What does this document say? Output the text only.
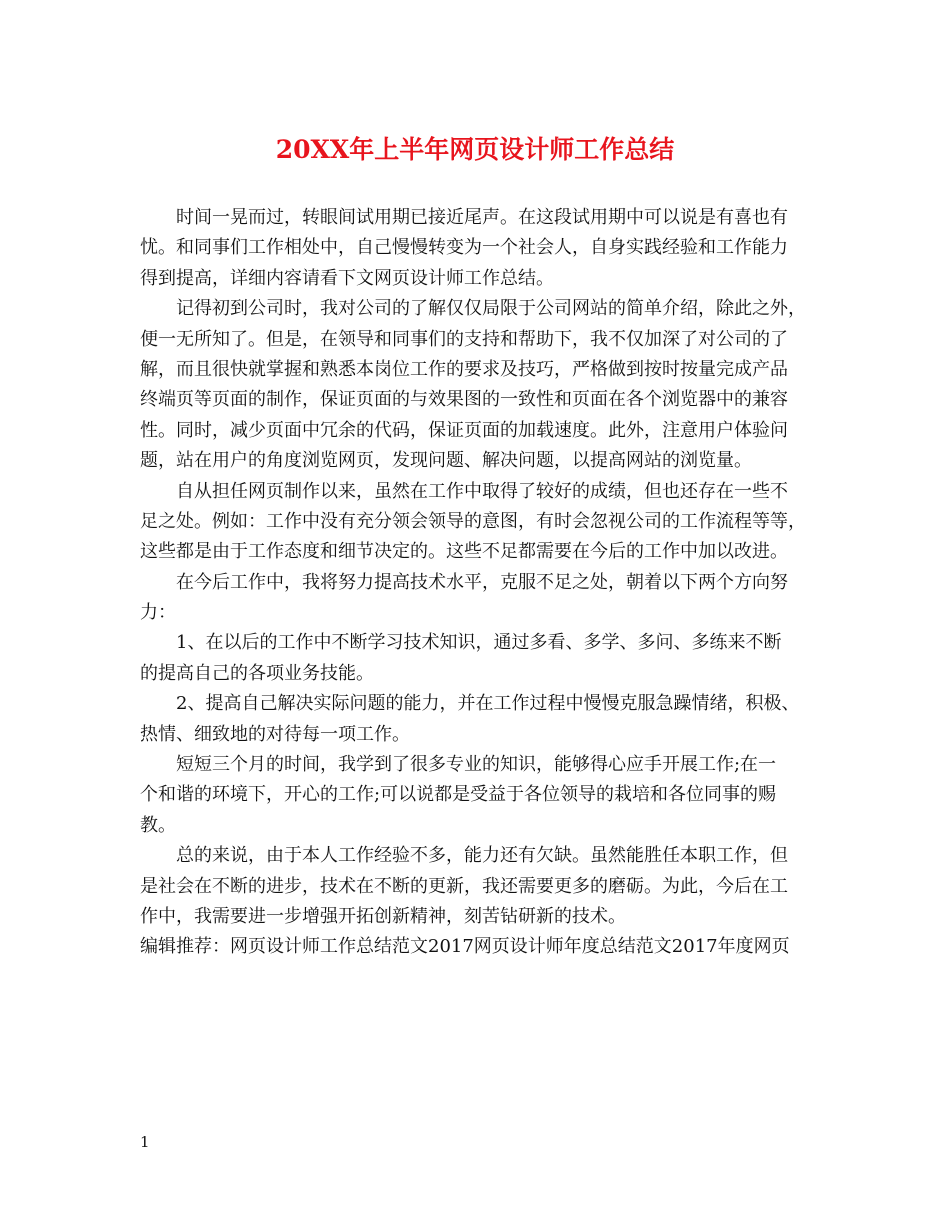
20XX年上半年网页设计师工作总结
时间一晃而过，转眼间试用期已接近尾声。在这段试用期中可以说是有喜也有
忧。和同事们工作相处中，自己慢慢转变为一个社会人，自身实践经验和工作能力
得到提高，详细内容请看下文网页设计师工作总结。
记得初到公司时，我对公司的了解仅仅局限于公司网站的简单介绍，除此之外，
便一无所知了。但是，在领导和同事们的支持和帮助下，我不仅加深了对公司的了
解，而且很快就掌握和熟悉本岗位工作的要求及技巧，严格做到按时按量完成产品
终端页等页面的制作，保证页面的与效果图的一致性和页面在各个浏览器中的兼容
性。同时，减少页面中冗余的代码，保证页面的加载速度。此外，注意用户体验问
题，站在用户的角度浏览网页，发现问题、解决问题，以提高网站的浏览量。
自从担任网页制作以来，虽然在工作中取得了较好的成绩，但也还存在一些不
足之处。例如：工作中没有充分领会领导的意图，有时会忽视公司的工作流程等等，
这些都是由于工作态度和细节决定的。这些不足都需要在今后的工作中加以改进。
在今后工作中，我将努力提高技术水平，克服不足之处，朝着以下两个方向努
力：
1、在以后的工作中不断学习技术知识，通过多看、多学、多问、多练来不断
的提高自己的各项业务技能。
2、提高自己解决实际问题的能力，并在工作过程中慢慢克服急躁情绪，积极、
热情、细致地的对待每一项工作。
短短三个月的时间，我学到了很多专业的知识，能够得心应手开展工作;在一
个和谐的环境下，开心的工作;可以说都是受益于各位领导的栽培和各位同事的赐
教。
总的来说，由于本人工作经验不多，能力还有欠缺。虽然能胜任本职工作，但
是社会在不断的进步，技术在不断的更新，我还需要更多的磨砺。为此，今后在工
作中，我需要进一步增强开拓创新精神，刻苦钻研新的技术。
编辑推荐：网页设计师工作总结范文2017网页设计师年度总结范文2017年度网页
1
